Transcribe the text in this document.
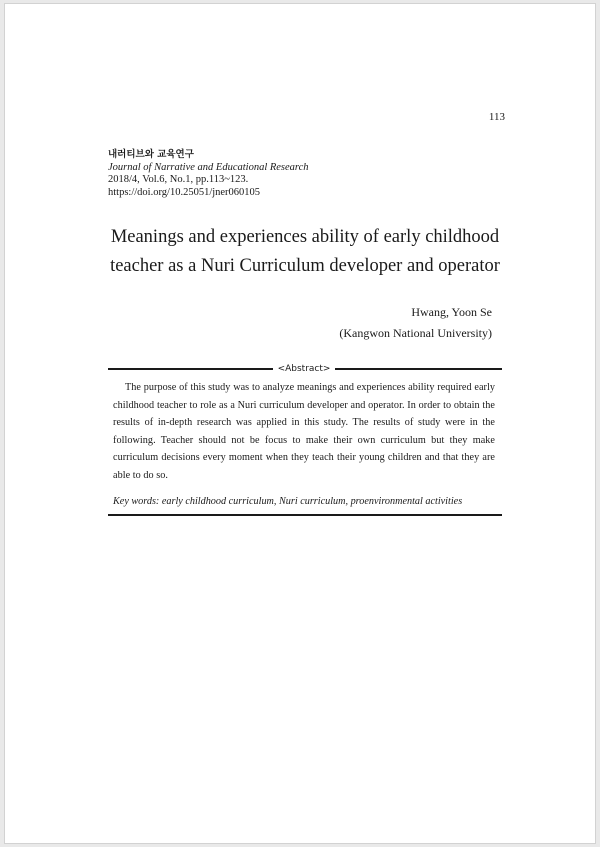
113
내러티브와 교육연구
Journal of Narrative and Educational Research
2018/4, Vol.6, No.1, pp.113~123.
https://doi.org/10.25051/jner060105
Meanings and experiences ability of early childhood
teacher as a Nuri Curriculum developer and operator
Hwang, Yoon Se
(Kangwon National University)
<Abstract>
The purpose of this study was to analyze meanings and experiences ability required early childhood teacher to role as a Nuri curriculum developer and operator. In order to obtain the results of in-depth research was applied in this study. The results of study were in the following. Teacher should not be focus to make their own curriculum but they make curriculum decisions every moment when they teach their young children and that they are able to do so.
Key words: early childhood curriculum, Nuri curriculum, proenvironmental activities
